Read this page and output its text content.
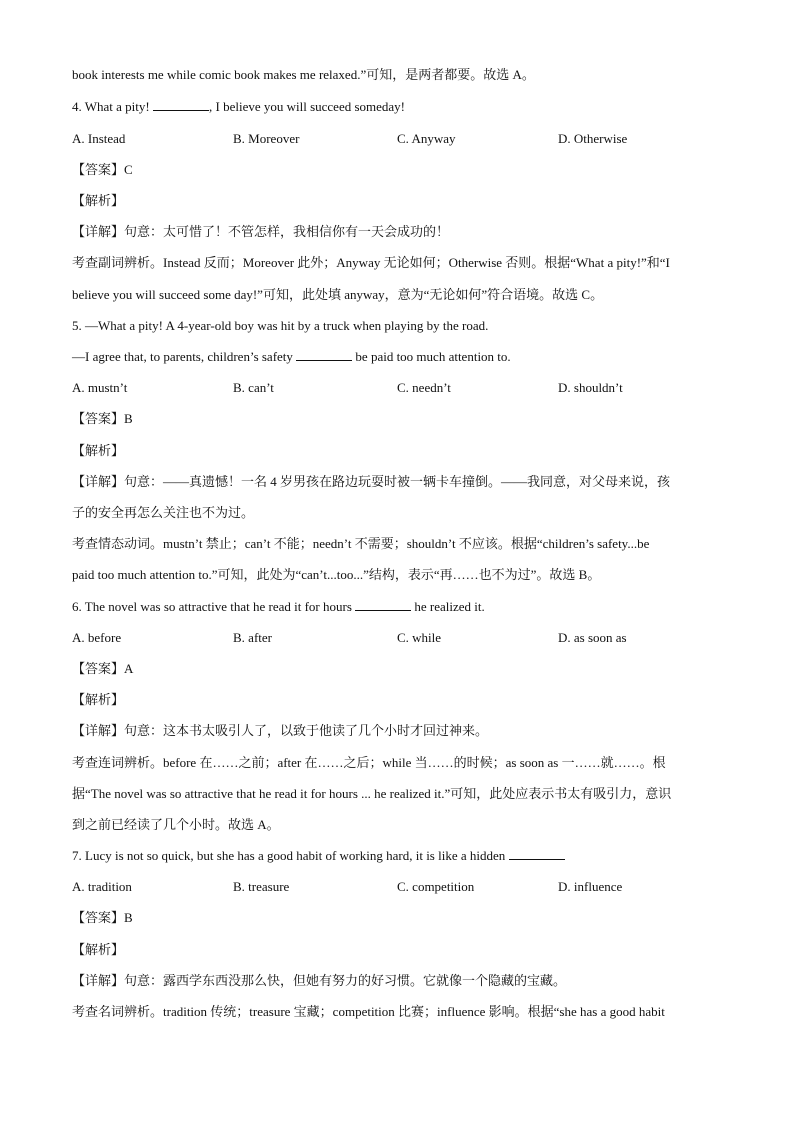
book interests me while comic book makes me relaxed.”可知，是两者都要。故选 A。
4. What a pity!	, I believe you will succeed someday!
A. Instead	B. Moreover	C. Anyway	D. Otherwise
【答案】C
【解析】
【详解】句意：太可惜了！不管怎样，我相信你有一天会成功的！
考查副词辨析。Instead 反而；Moreover 此外；Anyway 无论如何；Otherwise 否则。根据“What a pity!”和“I
believe you will succeed some day!”可知，此处填 anyway，意为“无论如何”符合语境。故选 C。
5. —What a pity! A 4-year-old boy was hit by a truck when playing by the road.
—I agree that, to parents, children’s safety	be paid too much attention to.
A. mustn’t	B. can’t	C. needn’t	D. shouldn’t
【答案】B
【解析】
【详解】句意：——真遗憾！一名 4 岁男孩在路边玩耍时被一辆卡车撞倒。——我同意，对父母来说，孩
子的安全再怎么关注也不为过。
考查情态动词。mustn’t 禁止；can’t 不能；needn’t 不需要；shouldn’t 不应该。根据“children’s safety...be
paid too much attention to.”可知，此处为“can’t...too...”结构，表示“再……也不为过”。故选 B。
6. The novel was so attractive that he read it for hours	he realized it.
A. before	B. after	C. while	D. as soon as
【答案】A
【解析】
【详解】句意：这本书太吸引人了，以致于他读了几个小时才回过神来。
考查连词辨析。before 在……之前；after 在……之后；while 当……的时候；as soon as 一……就……。根
据“The novel was so attractive that he read it for hours ... he realized it.”可知，此处应表示书太有吸引力，意识
到之前已经读了几个小时。故选 A。
7. Lucy is not so quick, but she has a good habit of working hard, it is like a hidden
A. tradition	B. treasure	C. competition	D. influence
【答案】B
【解析】
【详解】句意：露西学东西没那么快，但她有努力的好习惯。它就像一个隐藏的宝藏。
考查名词辨析。tradition 传统；treasure 宝藏；competition 比赛；influence 影响。根据“she has a good habit
